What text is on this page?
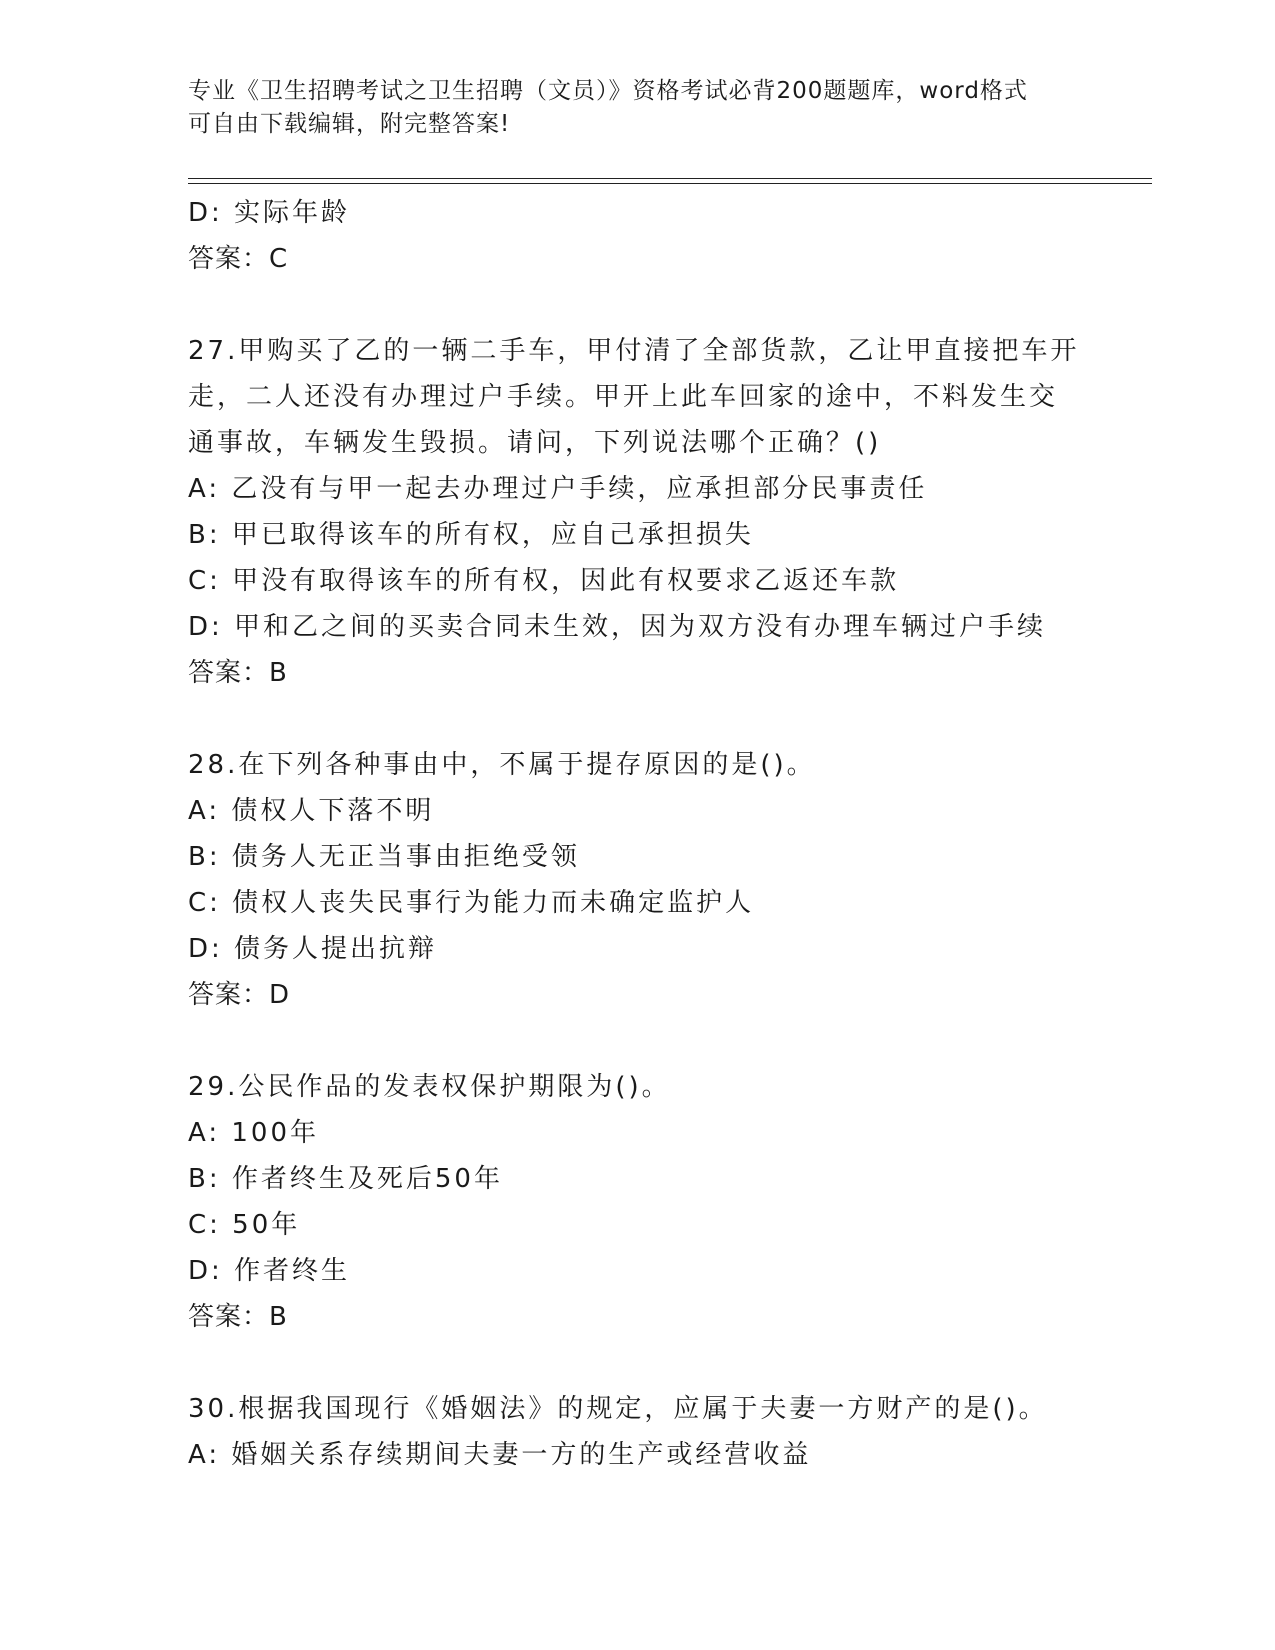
专业《卫生招聘考试之卫生招聘（文员）》资格考试必背200题题库，word格式
可自由下载编辑，附完整答案!
D: 实际年龄
答案：C
27.甲购买了乙的一辆二手车，甲付清了全部货款，乙让甲直接把车开
走，二人还没有办理过户手续。甲开上此车回家的途中，不料发生交
通事故，车辆发生毁损。请问，下列说法哪个正确？()
A: 乙没有与甲一起去办理过户手续，应承担部分民事责任
B: 甲已取得该车的所有权，应自己承担损失
C: 甲没有取得该车的所有权，因此有权要求乙返还车款
D: 甲和乙之间的买卖合同未生效，因为双方没有办理车辆过户手续
答案：B
28.在下列各种事由中，不属于提存原因的是()。
A: 债权人下落不明
B: 债务人无正当事由拒绝受领
C: 债权人丧失民事行为能力而未确定监护人
D: 债务人提出抗辩
答案：D
29.公民作品的发表权保护期限为()。
A: 100年
B: 作者终生及死后50年
C: 50年
D: 作者终生
答案：B
30.根据我国现行《婚姻法》的规定，应属于夫妻一方财产的是()。
A: 婚姻关系存续期间夫妻一方的生产或经营收益
